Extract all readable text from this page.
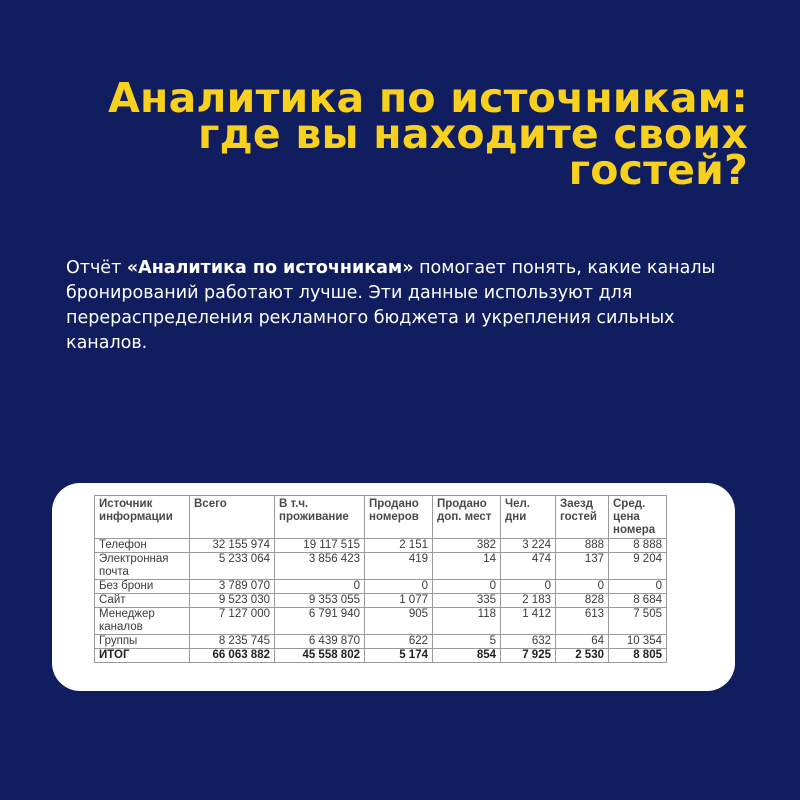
Аналитика по источникам:
где вы находите своих
гостей?
Отчёт «Аналитика по источникам» помогает понять, какие каналы бронирований работают лучше. Эти данные используют для перераспределения рекламного бюджета и укрепления сильных каналов.
Источник информации	Всего	В т.ч. проживание	Продано номеров	Продано доп. мест	Чел. дни	Заезд гостей	Сред. цена номера
Телефон	32 155 974	19 117 515	2 151	382	3 224	888	8 888
Электронная почта	5 233 064	3 856 423	419	14	474	137	9 204
Без брони	3 789 070	0	0	0	0	0	0
Сайт	9 523 030	9 353 055	1 077	335	2 183	828	8 684
Менеджер каналов	7 127 000	6 791 940	905	118	1 412	613	7 505
Группы	8 235 745	6 439 870	622	5	632	64	10 354
ИТОГ	66 063 882	45 558 802	5 174	854	7 925	2 530	8 805
